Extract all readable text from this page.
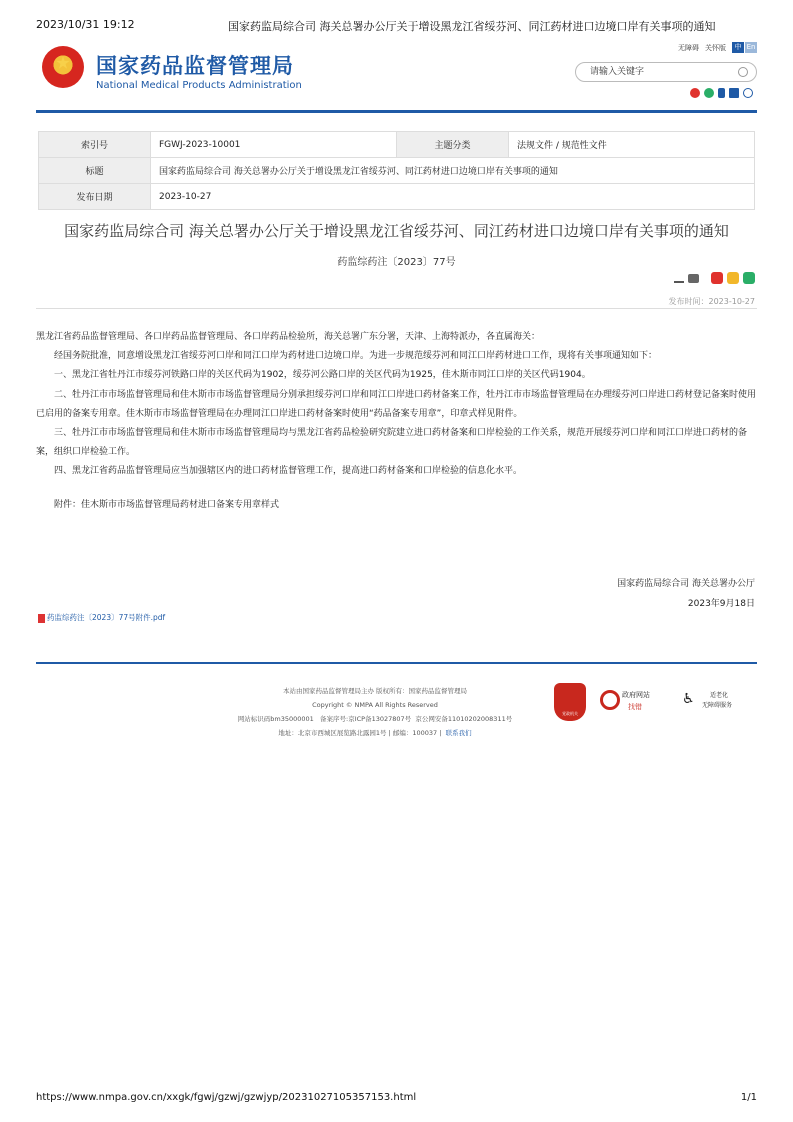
2023/10/31 19:12	国家药监局综合司 海关总署办公厅关于增设黑龙江省绥芬河、同江药材进口边境口岸有关事项的通知
国家药品监督管理局
National Medical Products Administration
无障碍 关怀版	中 En
请输入关键字
索引号	FGWJ-2023-10001	主题分类	法规文件 / 规范性文件
标题	国家药监局综合司 海关总署办公厅关于增设黑龙江省绥芬河、同江药材进口边境口岸有关事项的通知		
发布日期	2023-10-27		
国家药监局综合司 海关总署办公厅关于增设黑龙江省绥芬河、同江药材进口边境口岸有关事项的通知
药监综药注〔2023〕77号
发布时间：2023-10-27

黑龙江省药品监督管理局、各口岸药品监督管理局、各口岸药品检验所，海关总署广东分署，天津、上海特派办，各直属海关：

经国务院批准，同意增设黑龙江省绥芬河口岸和同江口岸为药材进口边境口岸。为进一步规范绥芬河和同江口岸药材进口工作，现将有关事项通知如下：

一、黑龙江省牡丹江市绥芬河铁路口岸的关区代码为1902，绥芬河公路口岸的关区代码为1925，佳木斯市同江口岸的关区代码1904。

二、牡丹江市市场监督管理局和佳木斯市市场监督管理局分别承担绥芬河口岸和同江口岸进口药材备案工作，牡丹江市市场监督管理局在办理绥芬河口岸进口药材登记备案时使用已启用的备案专用章。佳木斯市市场监督管理局在办理同江口岸进口药材备案时使用“药品备案专用章”，印章式样见附件。

三、牡丹江市市场监督管理局和佳木斯市市场监督管理局均与黑龙江省药品检验研究院建立进口药材备案和口岸检验的工作关系，规范开展绥芬河口岸和同江口岸进口药材的备案，组织口岸检验工作。

四、黑龙江省药品监督管理局应当加强辖区内的进口药材监督管理工作，提高进口药材备案和口岸检验的信息化水平。

附件：佳木斯市市场监督管理局药材进口备案专用章样式

国家药监局综合司 海关总署办公厅
2023年9月18日
药监综药注〔2023〕77号附件.pdf
本站由国家药品监督管理局主办 版权所有：国家药品监督管理局
Copyright © NMPA All Rights Reserved
网站标识码bm35000001 备案序号:京ICP备13027807号 京公网安备11010202008311号
地址：北京市西城区展览路北露园1号 | 邮编：100037 | 联系我们
党政机关
政府网站
找错	♿	适老化
无障碍服务
https://www.nmpa.gov.cn/xxgk/fgwj/gzwj/gzwjyp/20231027105357153.html	1/1
